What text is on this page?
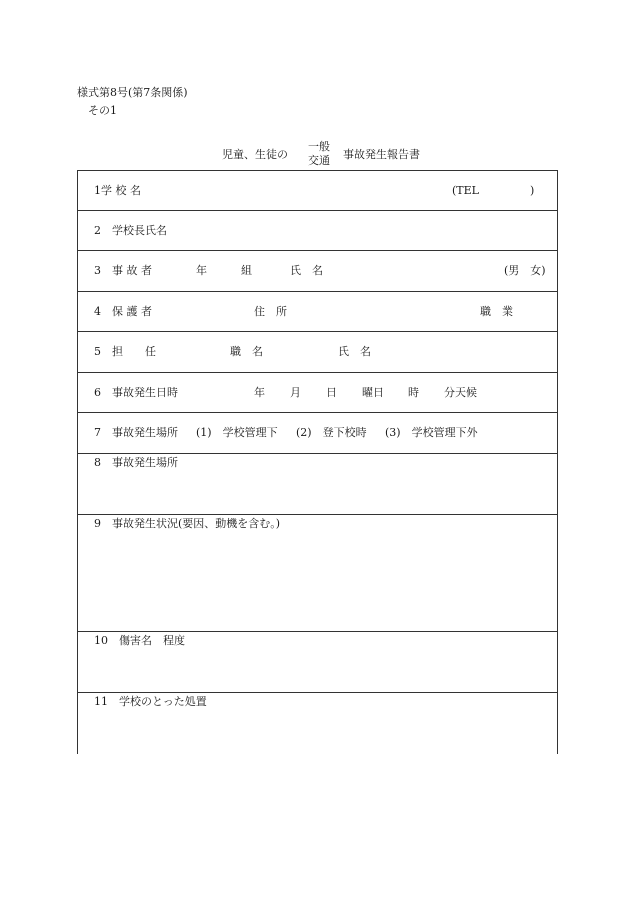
様式第8号(第7条関係)
その1
児童、生徒の
一般
交通 事故発生報告書
1学 校 名	(TEL	)
2　学校長氏名
3　事 故 者	年	組	氏　名	(男　女)
4　保 護 者	住　所	職　業
5　担　　任	職　名	氏　名
6　事故発生日時	年 月 日 曜日 時 分天候
7　事故発生場所 (1)　学校管理下 (2)　登下校時 (3)　学校管理下外
8　事故発生場所
9　事故発生状況(要因、動機を含む。)
10　傷害名　程度
11　学校のとった処置
